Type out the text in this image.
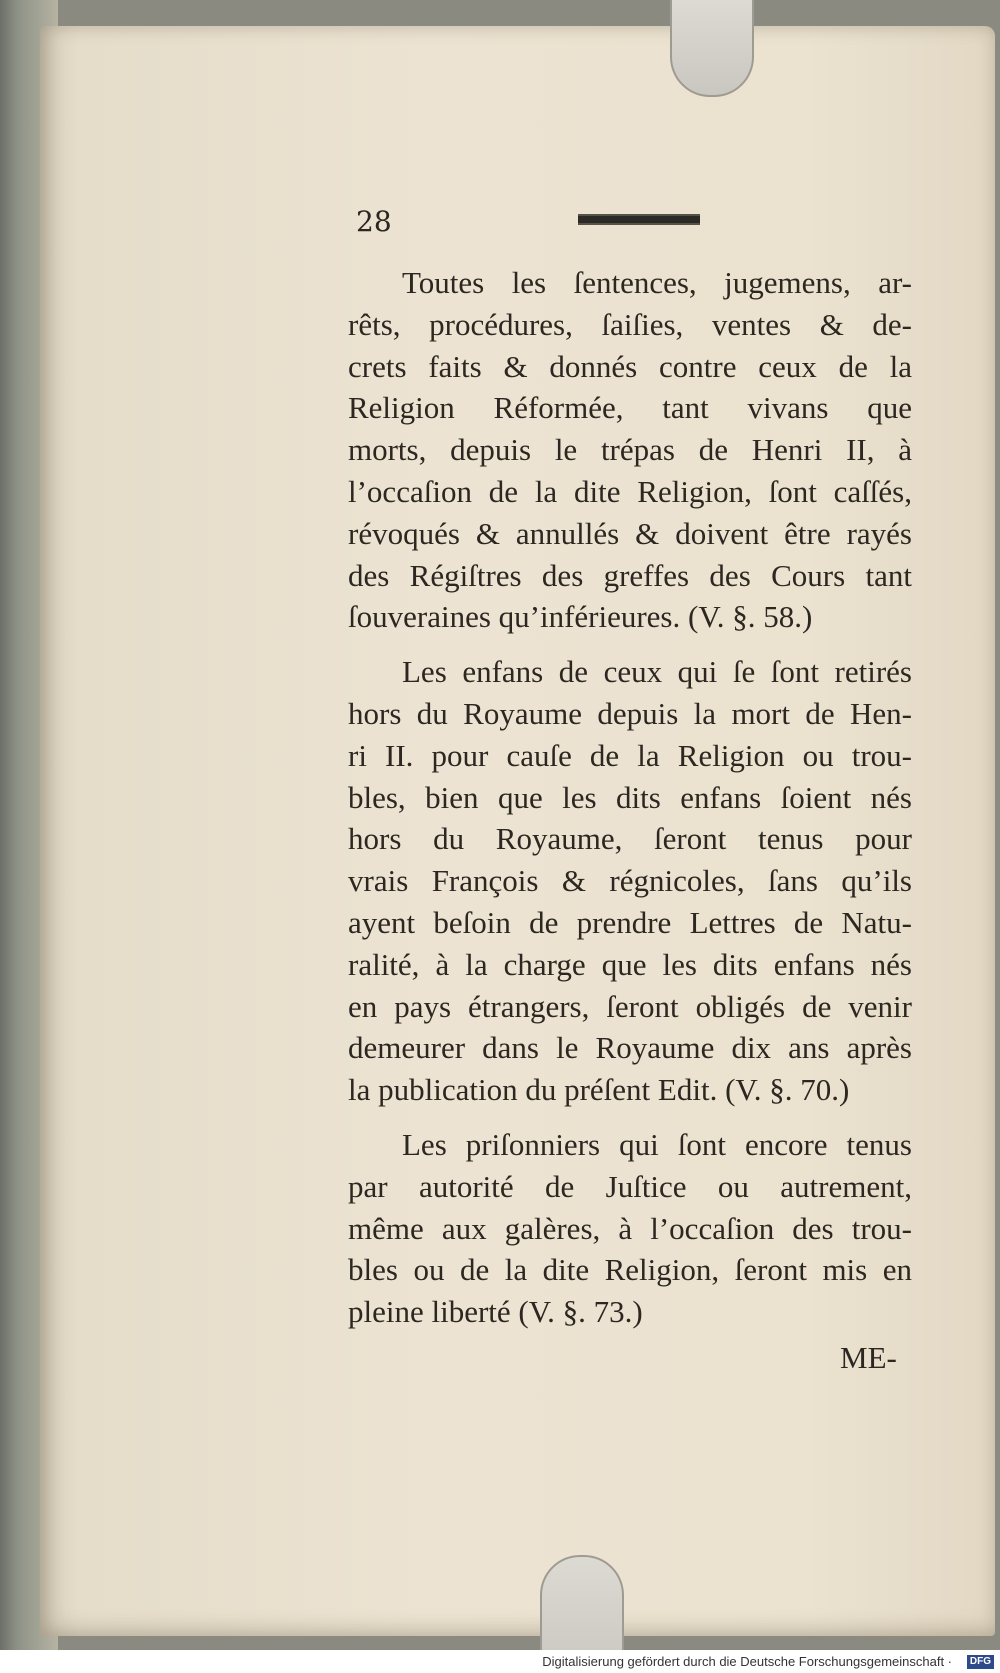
28

Toutes les ſentences, jugemens, ar-
rêts, procédures, ſaiſies, ventes & de-
crets faits & donnés contre ceux de la
Religion Réformée, tant vivans que
morts, depuis le trépas de Henri II, à
l’occaſion de la dite Religion, ſont caſſés,
révoqués & annullés & doivent être rayés
des Régiſtres des greffes des Cours tant
ſouveraines qu’inférieures. (V. §. 58.)

Les enfans de ceux qui ſe ſont retirés
hors du Royaume depuis la mort de Hen-
ri II. pour cauſe de la Religion ou trou-
bles, bien que les dits enfans ſoient nés
hors du Royaume, ſeront tenus pour
vrais François & régnicoles, ſans qu’ils
ayent beſoin de prendre Lettres de Natu-
ralité, à la charge que les dits enfans nés
en pays étrangers, ſeront obligés de venir
demeurer dans le Royaume dix ans après
la publication du préſent Edit. (V. §. 70.)

Les priſonniers qui ſont encore tenus
par autorité de Juſtice ou autrement,
même aux galères, à l’occaſion des trou-
bles ou de la dite Religion, ſeront mis en
pleine liberté (V. §. 73.)

ME-
Digitalisierung gefördert durch die Deutsche Forschungsgemeinschaft ·	DFG
